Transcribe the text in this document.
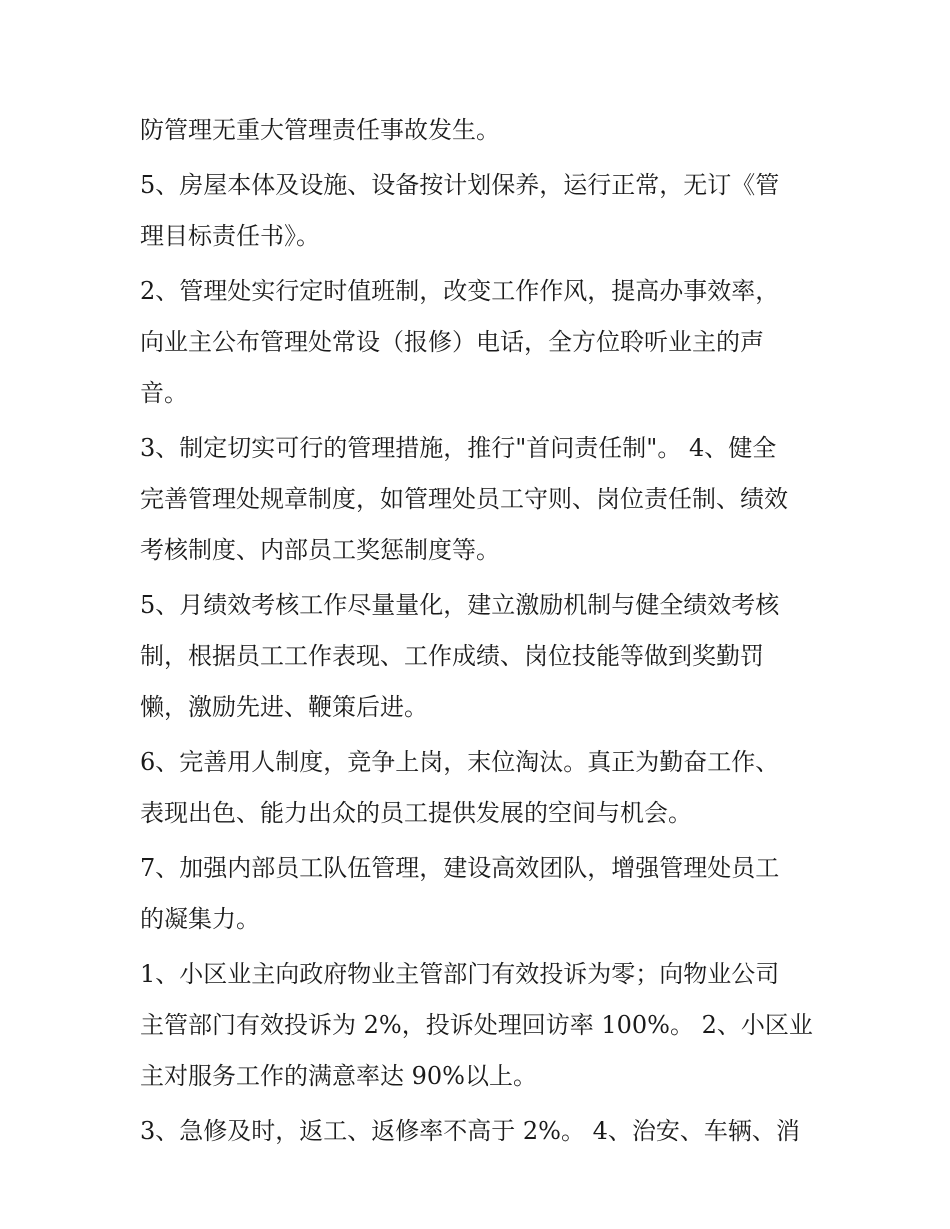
防管理无重大管理责任事故发生。

5、房屋本体及设施、设备按计划保养，运行正常，无订《管
理目标责任书》。

2、管理处实行定时值班制，改变工作作风，提高办事效率，
向业主公布管理处常设（报修）电话，全方位聆听业主的声
音。

3、制定切实可行的管理措施，推行"首问责任制"。 4、健全
完善管理处规章制度，如管理处员工守则、岗位责任制、绩效
考核制度、内部员工奖惩制度等。

5、月绩效考核工作尽量量化，建立激励机制与健全绩效考核
制，根据员工工作表现、工作成绩、岗位技能等做到奖勤罚
懒，激励先进、鞭策后进。

6、完善用人制度，竞争上岗，末位淘汰。真正为勤奋工作、
表现出色、能力出众的员工提供发展的空间与机会。

7、加强内部员工队伍管理，建设高效团队，增强管理处员工
的凝集力。

1、小区业主向政府物业主管部门有效投诉为零；向物业公司
主管部门有效投诉为 2%，投诉处理回访率 100%。 2、小区业
主对服务工作的满意率达 90%以上。

3、急修及时，返工、返修率不高于 2%。 4、治安、车辆、消
